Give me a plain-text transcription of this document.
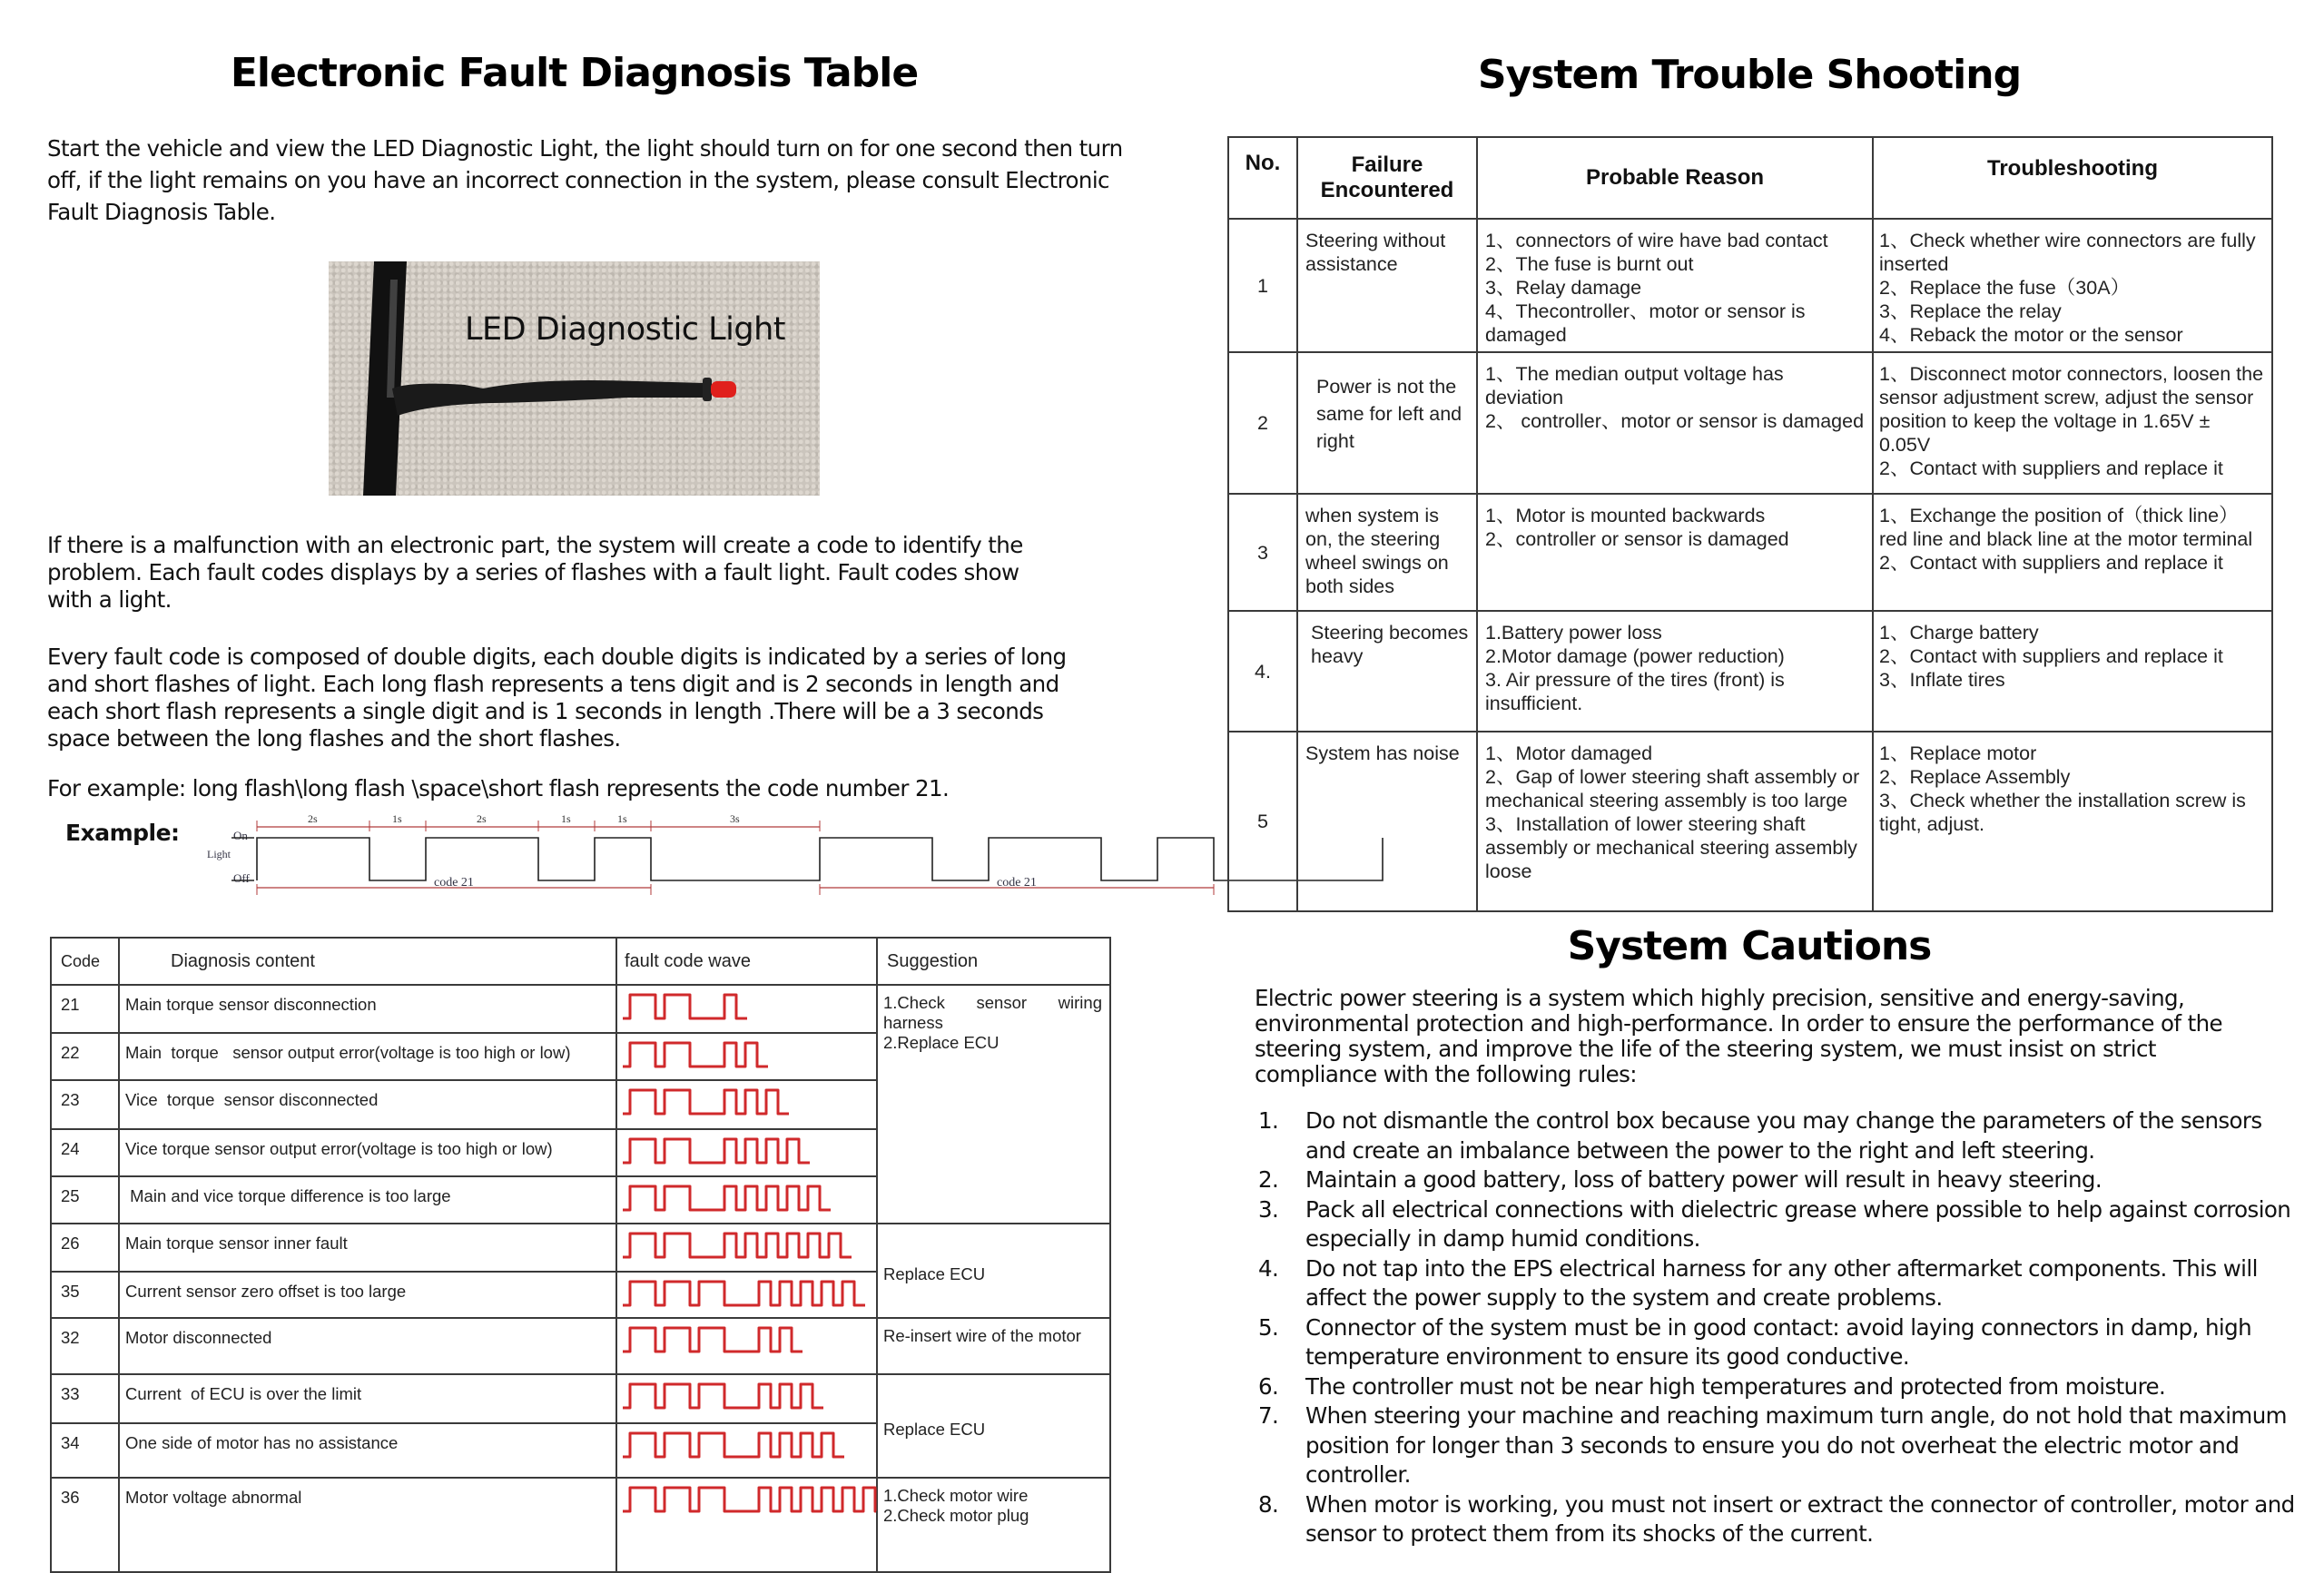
Electronic Fault Diagnosis Table
Start the vehicle and view the LED Diagnostic Light, the light should turn on for one second then turn off, if the light remains on you have an incorrect connection in the system, please consult Electronic Fault Diagnosis Table.
LED Diagnostic Light
If there is a malfunction with an electronic part, the system will create a code to identify the problem. Each fault codes displays by a series of flashes with a fault light. Fault codes show with a light.
Every fault code is composed of double digits, each double digits is indicated by a series of long and short flashes of light. Each long flash represents a tens digit and is 2 seconds in length and each short flash represents a single digit and is 1 seconds in length .There will be a 3 seconds space between the long flashes and the short flashes.
For example: long flash\long flash \space\short flash represents the code number 21.
Example:	On
Light
Off
2s	1s	2s	1s	1s	3s
code 21	code 21
Code	Diagnosis content	fault code wave	Suggestion
21	Main torque sensor disconnection		1.Check sensor wiring harness
2.Replace ECU

22	Main  torque   sensor output error(voltage is too high or low)	
23	Vice  torque  sensor disconnected	
24	Vice torque sensor output error(voltage is too high or low)	
25	Main and vice torque difference is too large	
26	Main torque sensor inner fault		Replace ECU

35	Current sensor zero offset is too large	
32	Motor disconnected		Re-insert wire of the motor

33	Current  of ECU is over the limit		Replace ECU

34	One side of motor has no assistance	
36	Motor voltage abnormal		1.Check motor wire
2.Check motor plug
System Trouble Shooting
No.	Failure Encountered	Probable Reason	Troubleshooting
1	Steering without assistance	1、connectors of wire have bad contact
2、The fuse is burnt out
3、Relay damage
4、Thecontroller、motor or sensor is damaged	1、Check whether wire connectors are fully inserted
2、Replace the fuse（30A）
3、Replace the relay
4、Reback the motor or the sensor

2	Power is not the same for left and right	1、The median output voltage has deviation
2、 controller、motor or sensor is damaged	1、Disconnect motor connectors, loosen the sensor adjustment screw, adjust the sensor position to keep the voltage in 1.65V ± 0.05V
2、Contact with suppliers and replace it

3	when system is on, the steering wheel swings on both sides	1、Motor is mounted backwards
2、controller or sensor is damaged	1、Exchange the position of（thick line） red line and black line at the motor terminal
2、Contact with suppliers and replace it

4.	Steering becomes heavy	1.Battery power loss
2.Motor damage (power reduction)
3. Air pressure of the tires (front) is insufficient.	1、Charge battery
2、Contact with suppliers and replace it
3、Inflate tires

5	System has noise	1、Motor damaged
2、Gap of lower steering shaft assembly or mechanical steering assembly is too large
3、Installation of lower steering shaft assembly or mechanical steering assembly loose	1、Replace motor
2、Replace Assembly
3、Check whether the installation screw is tight, adjust.
System Cautions
Electric power steering is a system which highly precision, sensitive and energy-saving, environmental protection and high-performance. In order to ensure the performance of the steering system, and improve the life of the steering system, we must insist on strict compliance with the following rules:
1. Do not dismantle the control box because you may change the parameters of the sensors and create an imbalance between the power to the right and left steering.
2. Maintain a good battery, loss of battery power will result in heavy steering.
3. Pack all electrical connections with dielectric grease where possible to help against corrosion especially in damp humid conditions.
4. Do not tap into the EPS electrical harness for any other aftermarket components. This will affect the power supply to the system and create problems.
5. Connector of the system must be in good contact: avoid laying connectors in damp, high temperature environment to ensure its good conductive.
6. The controller must not be near high temperatures and protected from moisture.
7. When steering your machine and reaching maximum turn angle, do not hold that maximum position for longer than 3 seconds to ensure you do not overheat the electric motor and controller.
8. When motor is working, you must not insert or extract the connector of controller, motor and sensor to protect them from its shocks of the current.
